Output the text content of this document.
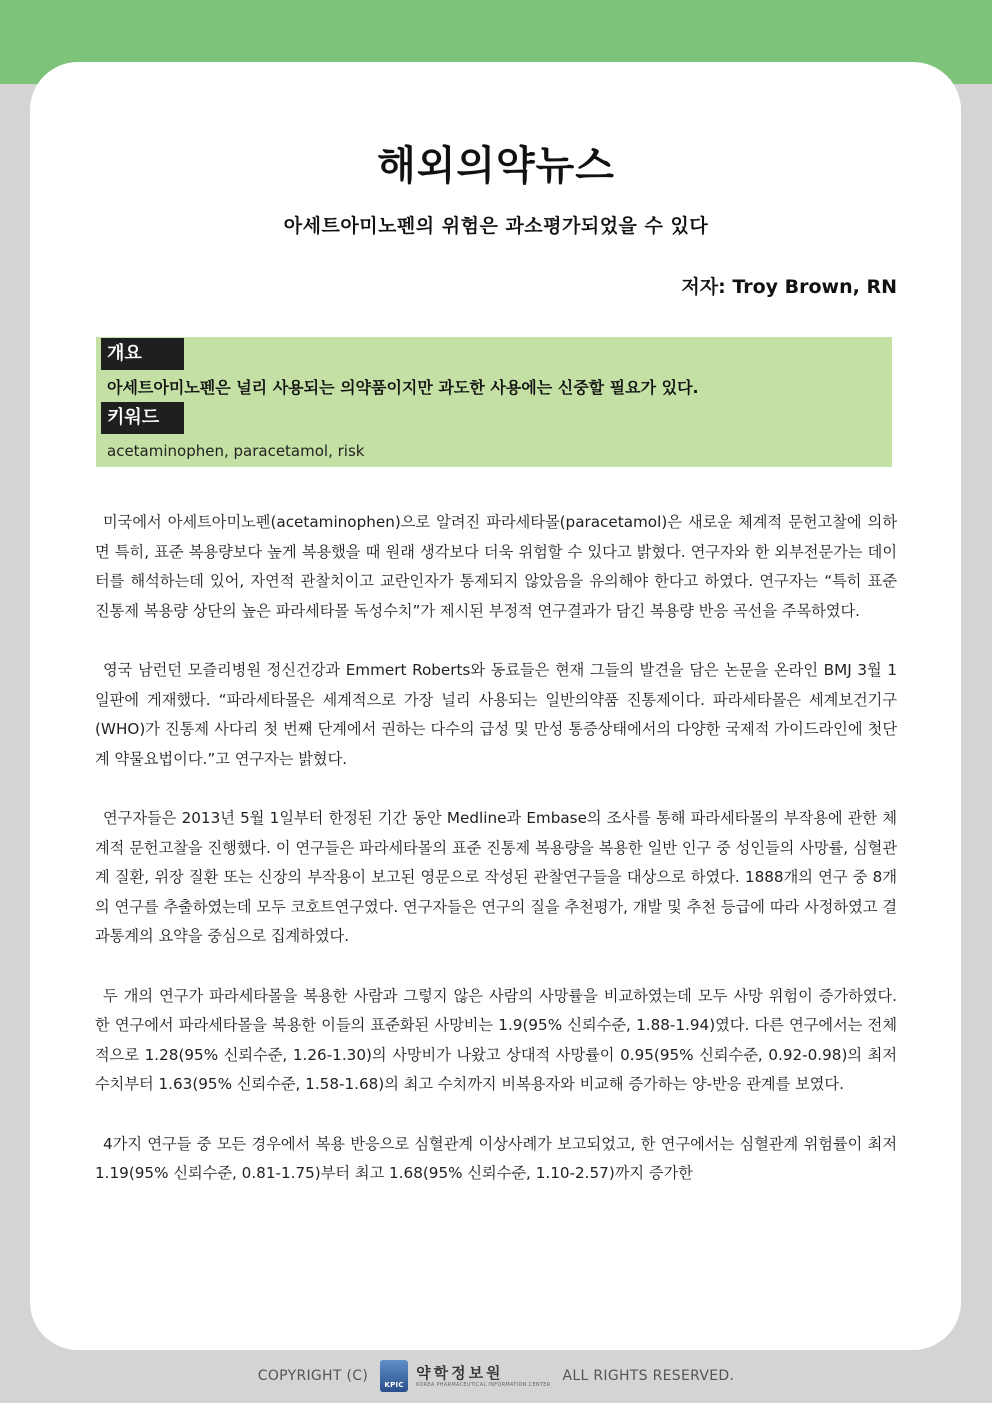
해외의약뉴스
아세트아미노펜의 위험은 과소평가되었을 수 있다
저자: Troy Brown, RN
개요
아세트아미노펜은 널리 사용되는 의약품이지만 과도한 사용에는 신중할 필요가 있다.
키워드
acetaminophen, paracetamol, risk

미국에서 아세트아미노펜(acetaminophen)으로 알려진 파라세타몰(paracetamol)은 새로운 체계적 문헌고찰에 의하면 특히, 표준 복용량보다 높게 복용했을 때 원래 생각보다 더욱 위험할 수 있다고 밝혔다. 연구자와 한 외부전문가는 데이터를 해석하는데 있어, 자연적 관찰치이고 교란인자가 통제되지 않았음을 유의해야 한다고 하였다. 연구자는 “특히 표준 진통제 복용량 상단의 높은 파라세타몰 독성수치”가 제시된 부정적 연구결과가 담긴 복용량 반응 곡선을 주목하였다.

영국 남런던 모즐리병원 정신건강과 Emmert Roberts와 동료들은 현재 그들의 발견을 담은 논문을 온라인 BMJ 3월 1일판에 게재했다. “파라세타몰은 세계적으로 가장 널리 사용되는 일반의약품 진통제이다. 파라세타몰은 세계보건기구(WHO)가 진통제 사다리 첫 번째 단계에서 권하는 다수의 급성 및 만성 통증상태에서의 다양한 국제적 가이드라인에 첫단계 약물요법이다.”고 연구자는 밝혔다.

연구자들은 2013년 5월 1일부터 한정된 기간 동안 Medline과 Embase의 조사를 통해 파라세타몰의 부작용에 관한 체계적 문헌고찰을 진행했다. 이 연구들은 파라세타몰의 표준 진통제 복용량을 복용한 일반 인구 중 성인들의 사망률, 심혈관계 질환, 위장 질환 또는 신장의 부작용이 보고된 영문으로 작성된 관찰연구들을 대상으로 하였다. 1888개의 연구 중 8개의 연구를 추출하였는데 모두 코호트연구였다. 연구자들은 연구의 질을 추천평가, 개발 및 추천 등급에 따라 사정하였고 결과통계의 요약을 중심으로 집계하였다.

두 개의 연구가 파라세타몰을 복용한 사람과 그렇지 않은 사람의 사망률을 비교하였는데 모두 사망 위험이 증가하였다. 한 연구에서 파라세타몰을 복용한 이들의 표준화된 사망비는 1.9(95% 신뢰수준, 1.88-1.94)였다. 다른 연구에서는 전체적으로 1.28(95% 신뢰수준, 1.26-1.30)의 사망비가 나왔고 상대적 사망률이 0.95(95% 신뢰수준, 0.92-0.98)의 최저 수치부터 1.63(95% 신뢰수준, 1.58-1.68)의 최고 수치까지 비복용자와 비교해 증가하는 양-반응 관계를 보였다.

4가지 연구들 중 모든 경우에서 복용 반응으로 심혈관계 이상사례가 보고되었고, 한 연구에서는 심혈관계 위험률이 최저 1.19(95% 신뢰수준, 0.81-1.75)부터 최고 1.68(95% 신뢰수준, 1.10-2.57)까지 증가한

COPYRIGHT (C)
KPIC
약학정보원
KOREA PHARMACEUTICAL INFORMATION CENTER
ALL RIGHTS RESERVED.
